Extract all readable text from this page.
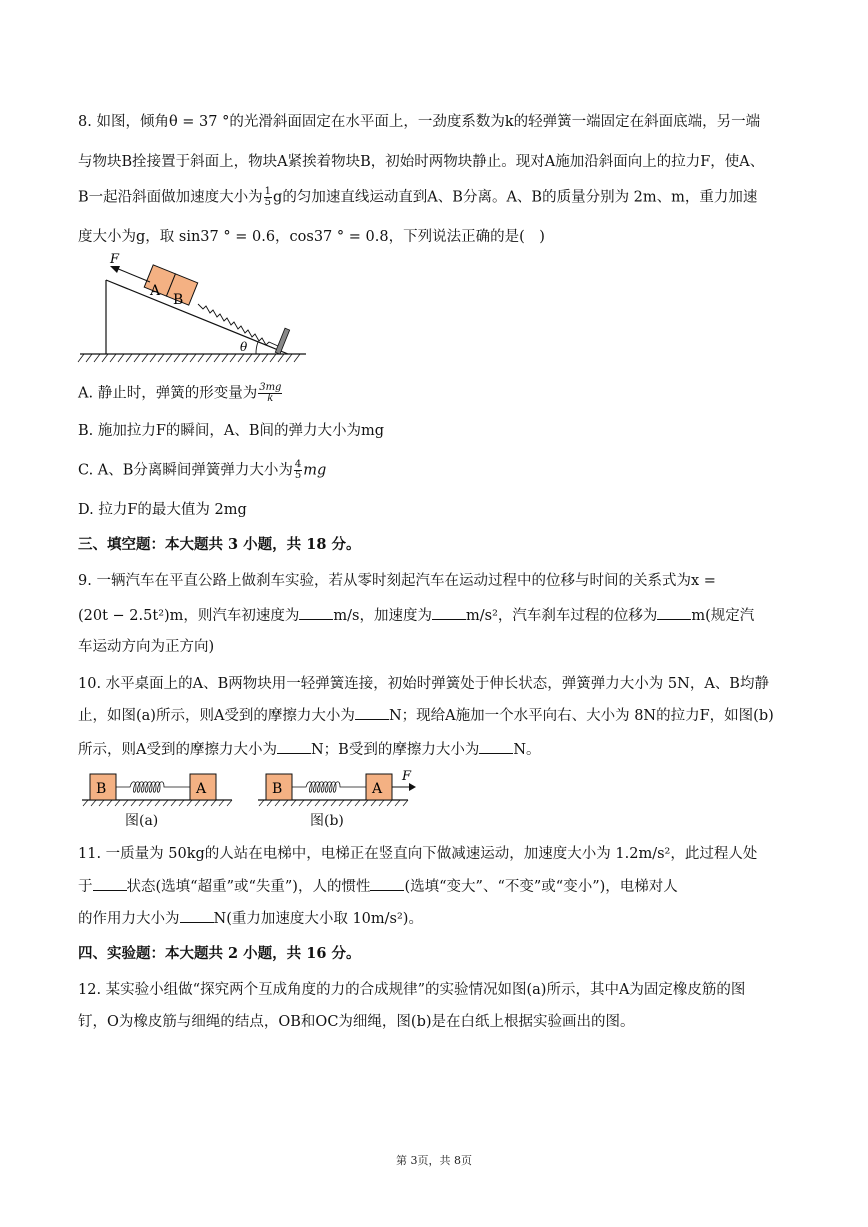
8. 如图，倾角θ = 37 °的光滑斜面固定在水平面上，一劲度系数为k的轻弹簧一端固定在斜面底端，另一端
与物块B拴接置于斜面上，物块A紧挨着物块B，初始时两物块静止。现对A施加沿斜面向上的拉力F，使A、
B一起沿斜面做加速度大小为 $\frac{1}{5}$ g的匀加速直线运动直到A、B分离。A、B的质量分别为 2m、m，重力加速
度大小为g，取 sin37 ° = 0.6，cos37 ° = 0.8，下列说法正确的是(　)
A
B
F
θ
A. 静止时，弹簧的形变量为 $\frac{3mg}{k}$
B. 施加拉力F的瞬间，A、B间的弹力大小为mg
C. A、B分离瞬间弹簧弹力大小为 $\frac{4}{5}$ mg
D. 拉力F的最大值为 2mg
三、填空题：本大题共 3 小题，共 18 分。
9. 一辆汽车在平直公路上做刹车实验，若从零时刻起汽车在运动过程中的位移与时间的关系式为x =
(20t − 2.5t²)m，则汽车初速度为 m/s，加速度为 m/s²，汽车刹车过程的位移为 m(规定汽
车运动方向为正方向)
10. 水平桌面上的A、B两物块用一轻弹簧连接，初始时弹簧处于伸长状态，弹簧弹力大小为 5N，A、B均静
止，如图(a)所示，则A受到的摩擦力大小为 N；现给A施加一个水平向右、大小为 8N的拉力F，如图(b)
所示，则A受到的摩擦力大小为 N；B受到的摩擦力大小为 N。
B	A
图(a)
B	A
F
图(b)
11. 一质量为 50kg的人站在电梯中，电梯正在竖直向下做减速运动，加速度大小为 1.2m/s²，此过程人处
于 状态(选填“超重”或“失重”)，人的惯性 (选填“变大”、“不变”或“变小”)，电梯对人
的作用力大小为 N(重力加速度大小取 10m/s²)。
四、实验题：本大题共 2 小题，共 16 分。
12. 某实验小组做“探究两个互成角度的力的合成规律”的实验情况如图(a)所示，其中A为固定橡皮筋的图
钉，O为橡皮筋与细绳的结点，OB和OC为细绳，图(b)是在白纸上根据实验画出的图。
第 3页，共 8页
